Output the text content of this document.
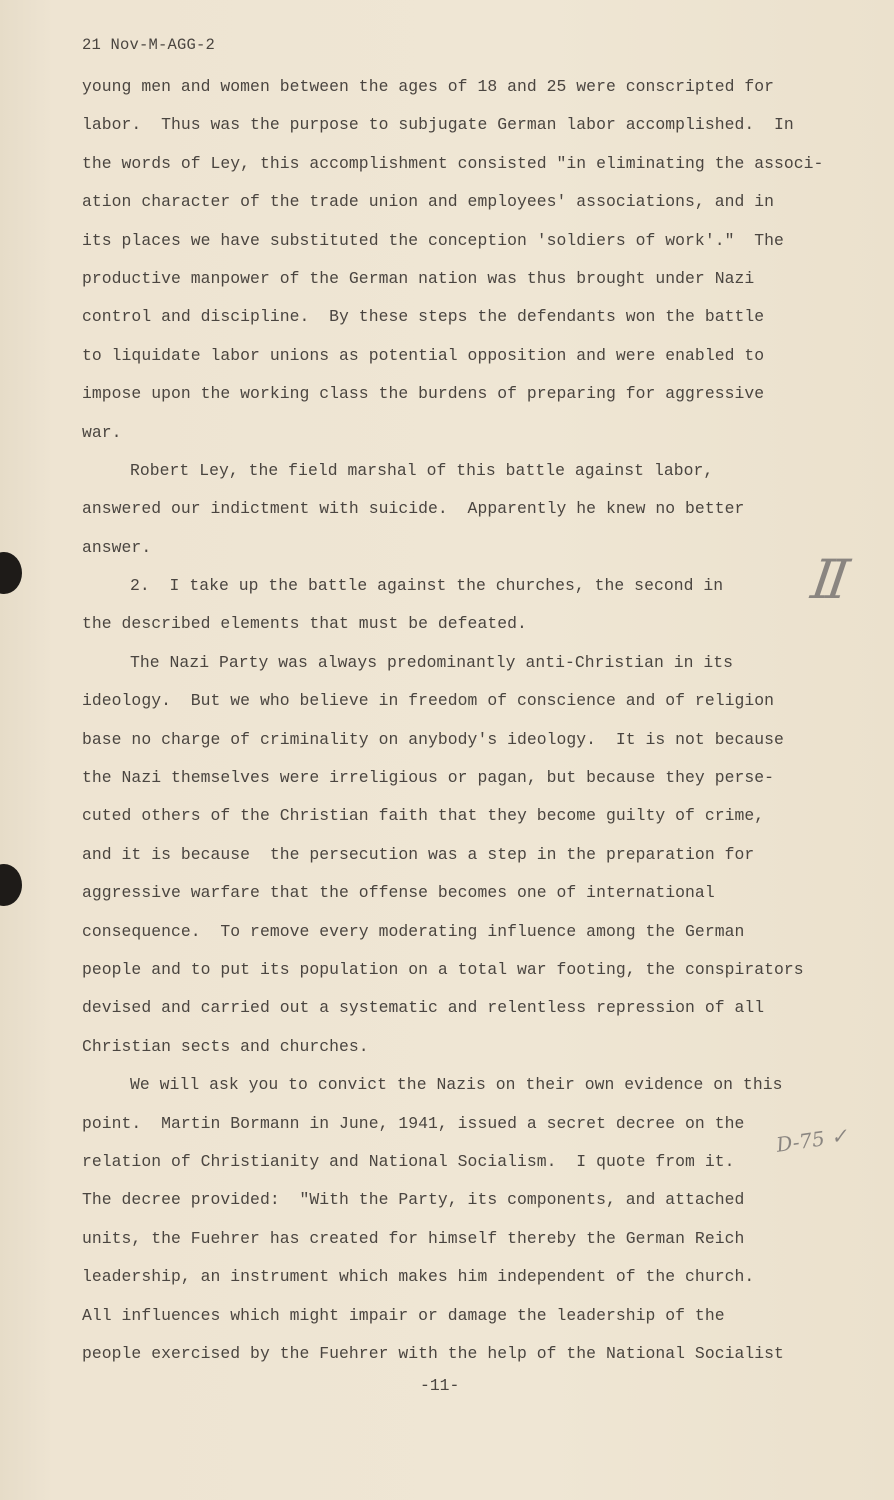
21 Nov-M-AGG-2
young men and women between the ages of 18 and 25 were conscripted for
labor.  Thus was the purpose to subjugate German labor accomplished.  In
the words of Ley, this accomplishment consisted "in eliminating the associ-
ation character of the trade union and employees' associations, and in
its places we have substituted the conception 'soldiers of work'."  The
productive manpower of the German nation was thus brought under Nazi
control and discipline.  By these steps the defendants won the battle
to liquidate labor unions as potential opposition and were enabled to
impose upon the working class the burdens of preparing for aggressive
war.
Robert Ley, the field marshal of this battle against labor,
answered our indictment with suicide.  Apparently he knew no better
answer.
2.  I take up the battle against the churches, the second in
the described elements that must be defeated.
The Nazi Party was always predominantly anti-Christian in its
ideology.  But we who believe in freedom of conscience and of religion
base no charge of criminality on anybody's ideology.  It is not because
the Nazi themselves were irreligious or pagan, but because they perse-
cuted others of the Christian faith that they become guilty of crime,
and it is because  the persecution was a step in the preparation for
aggressive warfare that the offense becomes one of international
consequence.  To remove every moderating influence among the German
people and to put its population on a total war footing, the conspirators
devised and carried out a systematic and relentless repression of all
Christian sects and churches.
We will ask you to convict the Nazis on their own evidence on this
point.  Martin Bormann in June, 1941, issued a secret decree on the
relation of Christianity and National Socialism.  I quote from it.
The decree provided:  "With the Party, its components, and attached
units, the Fuehrer has created for himself thereby the German Reich
leadership, an instrument which makes him independent of the church.
All influences which might impair or damage the leadership of the
people exercised by the Fuehrer with the help of the National Socialist
-11-
II
D-75 ✓
